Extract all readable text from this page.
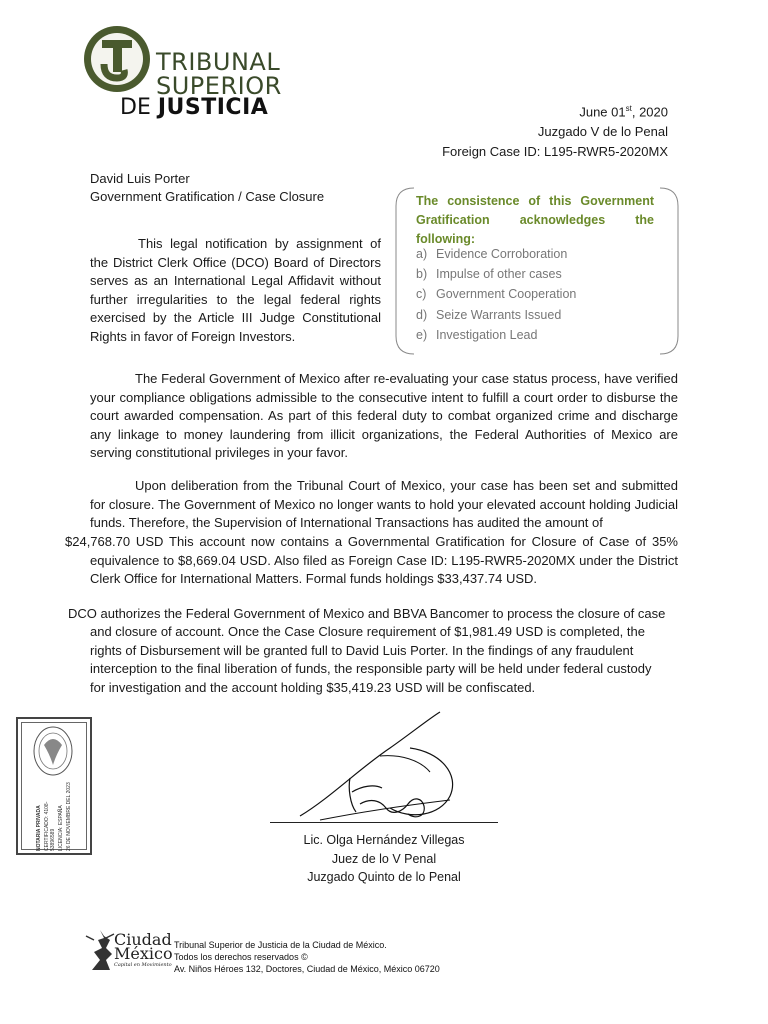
TRIBUNAL
SUPERIOR
DE JUSTICIA	June 01st, 2020
Juzgado V de lo Penal
Foreign Case ID: L195-RWR5-2020MX
David Luis Porter
Government Gratification / Case Closure
This legal notification by assignment of the District Clerk Office (DCO) Board of Directors serves as an International Legal Affidavit without further irregularities to the legal federal rights exercised by the Article III Judge Constitutional Rights in favor of Foreign Investors.
The consistence of this Government Gratification acknowledges the following:
a) Evidence Corroboration
b) Impulse of other cases
c) Government Cooperation
d) Seize Warrants Issued
e) Investigation Lead
The Federal Government of Mexico after re-evaluating your case status process, have verified your compliance obligations admissible to the consecutive intent to fulfill a court order to disburse the court awarded compensation. As part of this federal duty to combat organized crime and discharge any linkage to money laundering from illicit organizations, the Federal Authorities of Mexico are serving constitutional privileges in your favor.
Upon deliberation from the Tribunal Court of Mexico, your case has been set and submitted for closure. The Government of Mexico no longer wants to hold your elevated account holding Judicial funds. Therefore, the Supervision of International Transactions has audited the amount of
$24,768.70 USD This account now contains a Governmental Gratification for Closure of Case of 35% equivalence to $8,669.04 USD. Also filed as Foreign Case ID: L195-RWR5-2020MX under the District Clerk Office for International Matters. Formal funds holdings $33,437.74 USD.
DCO authorizes the Federal Government of Mexico and BBVA Bancomer to process the closure of case
and closure of account. Once the Case Closure requirement of $1,981.49 USD is completed, the rights of Disbursement will be granted full to David Luis Porter. In the findings of any fraudulent interception to the final liberation of funds, the responsible party will be held under federal custody for investigation and the account holding $35,419.23 USD will be confiscated.
NOTARIA PRIVADA CERTIFICADO: 4108-53896589 LICENCIA: ESPAÑA 26 DE NOVIEMBRE DEL 2023	Lic. Olga Hernández Villegas
Juez de lo V Penal
Juzgado Quinto de lo Penal
Ciudad
México
Capital en Movimiento
Tribunal Superior de Justicia de la Ciudad de México.
Todos los derechos reservados ©
Av. Niños Héroes 132, Doctores, Ciudad de México, México 06720
